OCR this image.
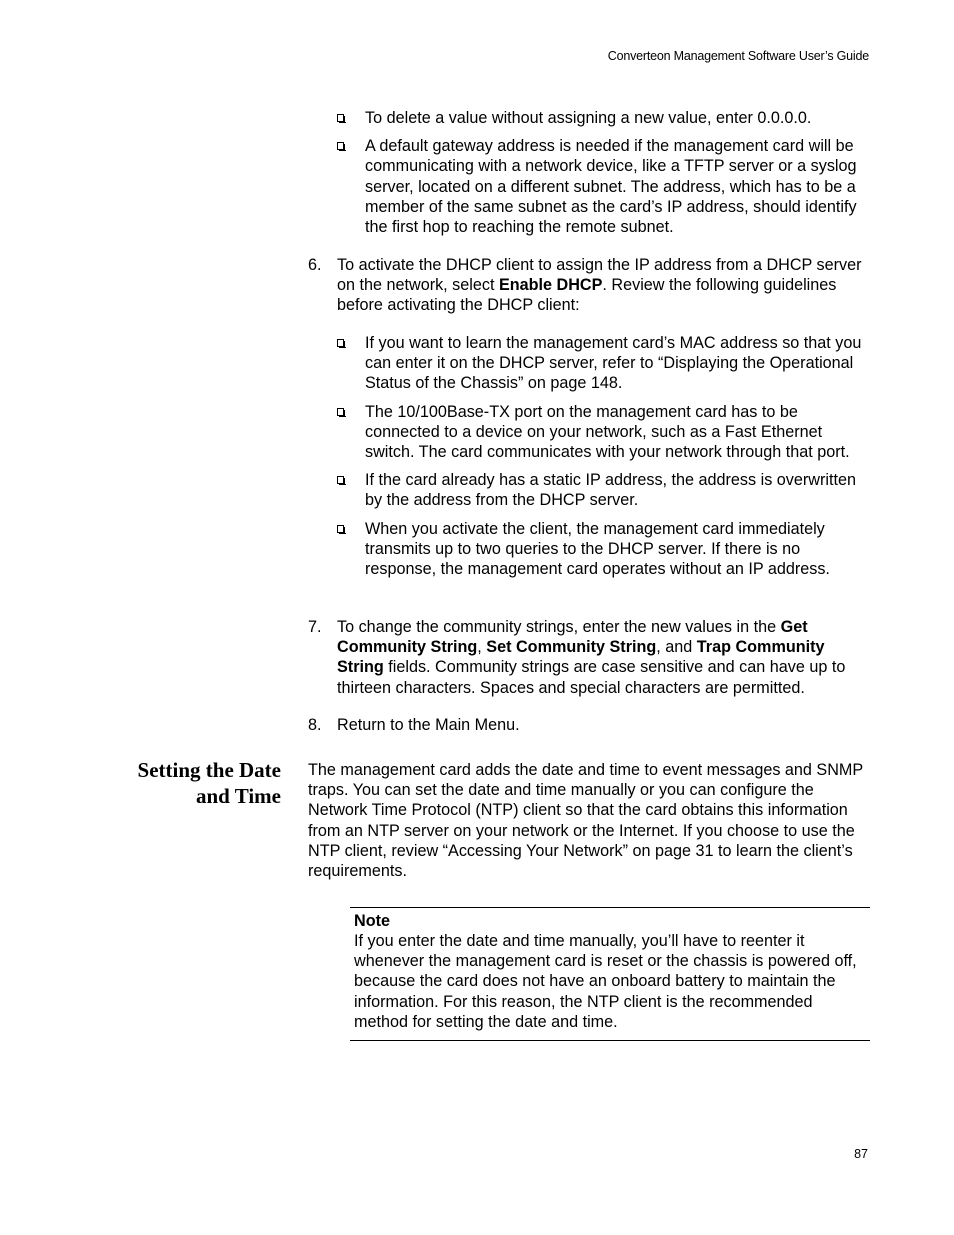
Converteon Management Software User’s Guide
To delete a value without assigning a new value, enter 0.0.0.0.
A default gateway address is needed if the management card will be communicating with a network device, like a TFTP server or a syslog server, located on a different subnet. The address, which has to be a member of the same subnet as the card’s IP address, should identify the first hop to reaching the remote subnet.
6. To activate the DHCP client to assign the IP address from a DHCP server on the network, select Enable DHCP. Review the following guidelines before activating the DHCP client:
If you want to learn the management card’s MAC address so that you can enter it on the DHCP server, refer to “Displaying the Operational Status of the Chassis” on page 148.
The 10/100Base-TX port on the management card has to be connected to a device on your network, such as a Fast Ethernet switch. The card communicates with your network through that port.
If the card already has a static IP address, the address is overwritten by the address from the DHCP server.
When you activate the client, the management card immediately transmits up to two queries to the DHCP server. If there is no response, the management card operates without an IP address.
7. To change the community strings, enter the new values in the Get Community String, Set Community String, and Trap Community String fields. Community strings are case sensitive and can have up to thirteen characters. Spaces and special characters are permitted.
8. Return to the Main Menu.
Setting the Date
and Time
The management card adds the date and time to event messages and SNMP traps. You can set the date and time manually or you can configure the Network Time Protocol (NTP) client so that the card obtains this information from an NTP server on your network or the Internet. If you choose to use the NTP client, review “Accessing Your Network” on page 31 to learn the client’s requirements.
Note
If you enter the date and time manually, you’ll have to reenter it whenever the management card is reset or the chassis is powered off, because the card does not have an onboard battery to maintain the information. For this reason, the NTP client is the recommended method for setting the date and time.
87
